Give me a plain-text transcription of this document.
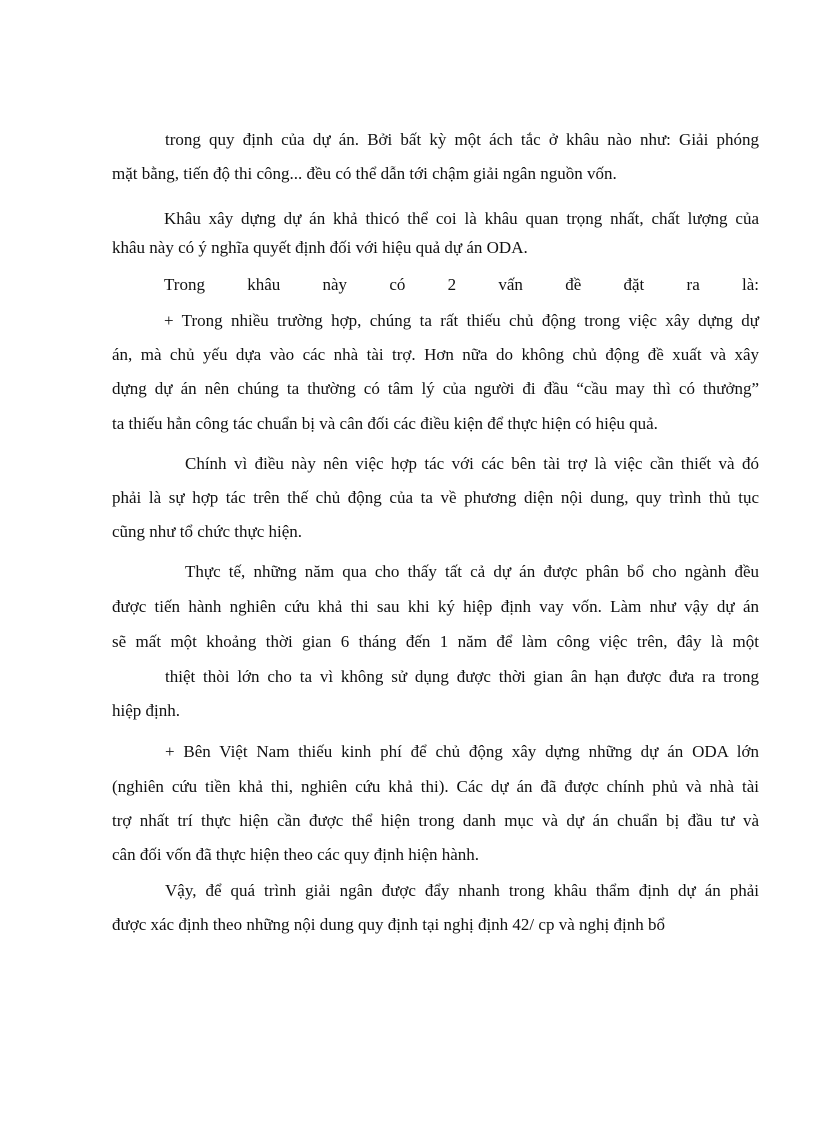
trong quy định của dự án. Bởi bất kỳ một ách tắc ở khâu nào như: Giải phóng
mặt bằng, tiến độ thi công... đều có thể dẫn tới chậm giải ngân nguồn vốn.
Khâu xây dựng dự án khả thicó thể coi là khâu quan trọng nhất, chất lượng của
khâu này có ý nghĩa quyết định đối với hiệu quả dự án ODA.
Trong khâu này có 2 vấn đề đặt ra là:
+ Trong nhiều trường hợp, chúng ta rất thiếu chủ động trong việc xây dựng dự
án, mà chủ yếu dựa vào các nhà tài trợ. Hơn nữa do không chủ động đề xuất và xây
dựng dự án nên chúng ta thường có tâm lý của người đi đầu “cầu may thì có thưởng”
ta thiếu hẳn công tác chuẩn bị và cân đối các điều kiện để thực hiện có hiệu quả.
Chính vì điều này nên việc hợp tác với các bên tài trợ là việc cần thiết và đó
phải là sự hợp tác trên thế chủ động của ta về phương diện nội dung, quy trình thủ tục
cũng như tổ chức thực hiện.
Thực tế, những năm qua cho thấy tất cả dự án được phân bổ cho ngành đều
được tiến hành nghiên cứu khả thi sau khi ký hiệp định vay vốn. Làm như vậy dự án
sẽ mất một khoảng thời gian 6 tháng đến 1 năm để làm công việc trên, đây là một
thiệt thòi lớn cho ta vì không sử dụng được thời gian ân hạn được đưa ra trong
hiệp định.
+ Bên Việt Nam thiếu kinh phí để chủ động xây dựng những dự án ODA lớn
(nghiên cứu tiền khả thi, nghiên cứu khả thi). Các dự án đã được chính phủ và nhà tài
trợ nhất trí thực hiện cần được thể hiện trong danh mục và dự án chuẩn bị đầu tư và
cân đối vốn đã thực hiện theo các quy định hiện hành.
Vậy, để quá trình giải ngân được đẩy nhanh trong khâu thẩm định dự án phải
được xác định theo những nội dung quy định tại nghị định 42/ cp và nghị định bổ
